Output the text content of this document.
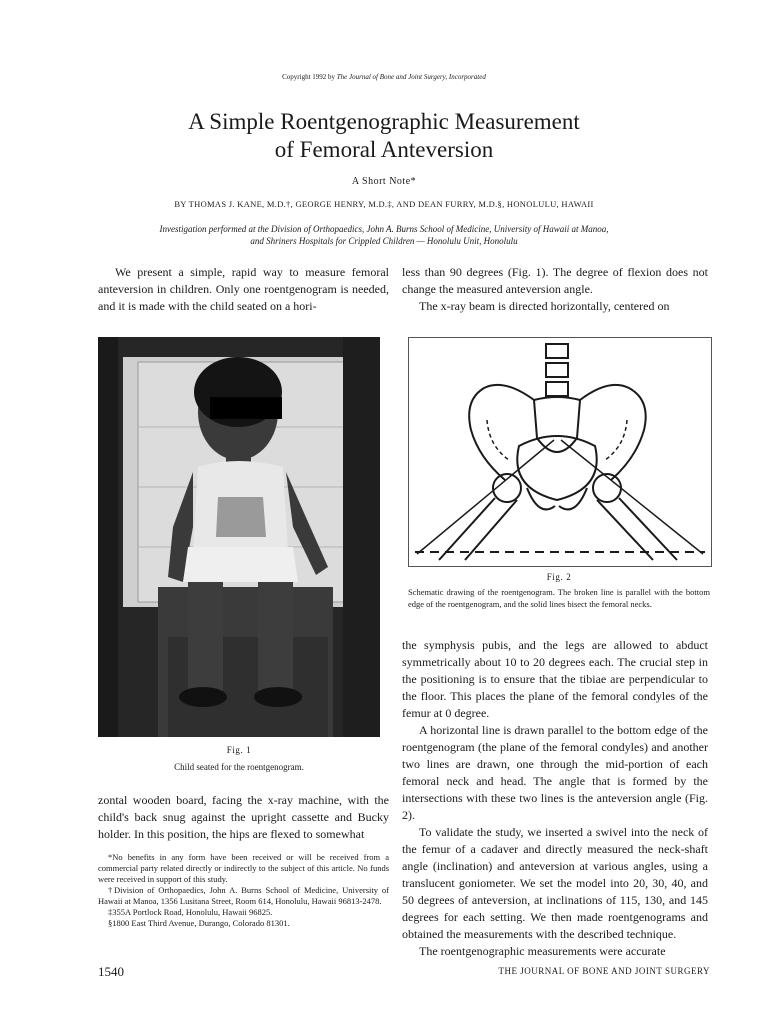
Copyright 1992 by The Journal of Bone and Joint Surgery, Incorporated
A Simple Roentgenographic Measurement
of Femoral Anteversion
A Short Note*
BY THOMAS J. KANE, M.D.†, GEORGE HENRY, M.D.‡, AND DEAN FURRY, M.D.§, HONOLULU, HAWAII
Investigation performed at the Division of Orthopaedics, John A. Burns School of Medicine, University of Hawaii at Manoa,
and Shriners Hospitals for Crippled Children — Honolulu Unit, Honolulu

We present a simple, rapid way to measure femoral anteversion in children. Only one roentgenogram is needed, and it is made with the child seated on a hori-

less than 90 degrees (Fig. 1). The degree of flexion does not change the measured anteversion angle.

The x-ray beam is directed horizontally, centered on

Fig. 1
Child seated for the roentgenogram.

zontal wooden board, facing the x-ray machine, with the child's back snug against the upright cassette and Bucky holder. In this position, the hips are flexed to somewhat

*No benefits in any form have been received or will be received from a commercial party related directly or indirectly to the subject of this article. No funds were received in support of this study.

†Division of Orthopaedics, John A. Burns School of Medicine, University of Hawaii at Manoa, 1356 Lusitana Street, Room 614, Honolulu, Hawaii 96813-2478.

‡355A Portlock Road, Honolulu, Hawaii 96825.

§1800 East Third Avenue, Durango, Colorado 81301.

Fig. 2
Schematic drawing of the roentgenogram. The broken line is parallel with the bottom edge of the roentgenogram, and the solid lines bisect the femoral necks.

the symphysis pubis, and the legs are allowed to abduct symmetrically about 10 to 20 degrees each. The crucial step in the positioning is to ensure that the tibiae are perpendicular to the floor. This places the plane of the femoral condyles of the femur at 0 degree.

A horizontal line is drawn parallel to the bottom edge of the roentgenogram (the plane of the femoral condyles) and another two lines are drawn, one through the mid-portion of each femoral neck and head. The angle that is formed by the intersections with these two lines is the anteversion angle (Fig. 2).

To validate the study, we inserted a swivel into the neck of the femur of a cadaver and directly measured the neck-shaft angle (inclination) and anteversion at various angles, using a translucent goniometer. We set the model into 20, 30, 40, and 50 degrees of anteversion, at inclinations of 115, 130, and 145 degrees for each setting. We then made roentgenograms and obtained the measurements with the described technique.

The roentgenographic measurements were accurate

1540	THE JOURNAL OF BONE AND JOINT SURGERY
